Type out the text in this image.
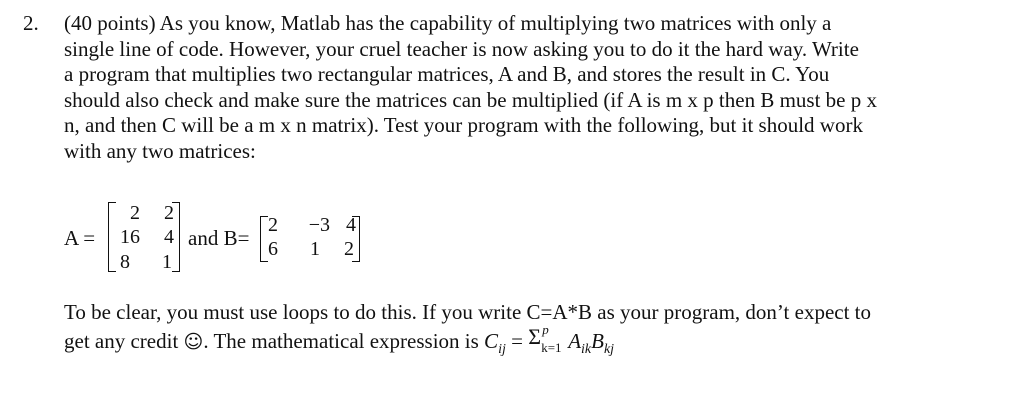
2. (40 points) As you know, Matlab has the capability of multiplying two matrices with only a
single line of code. However, your cruel teacher is now asking you to do it the hard way. Write
a program that multiplies two rectangular matrices, A and B, and stores the result in C. You
should also check and make sure the matrices can be multiplied (if A is m x p then B must be p x
n, and then C will be a m x n matrix). Test your program with the following, but it should work
with any two matrices:
A =
2	2
16	4
8	1
and B=
2	−3 4
6	1 2
To be clear, you must use loops to do this. If you write C=A*B as your program, don’t expect to
get any credit ☺. The mathematical expression is $C_{ij} = \Sigma$ p
k=1 $A_{ik}B_{kj}$
